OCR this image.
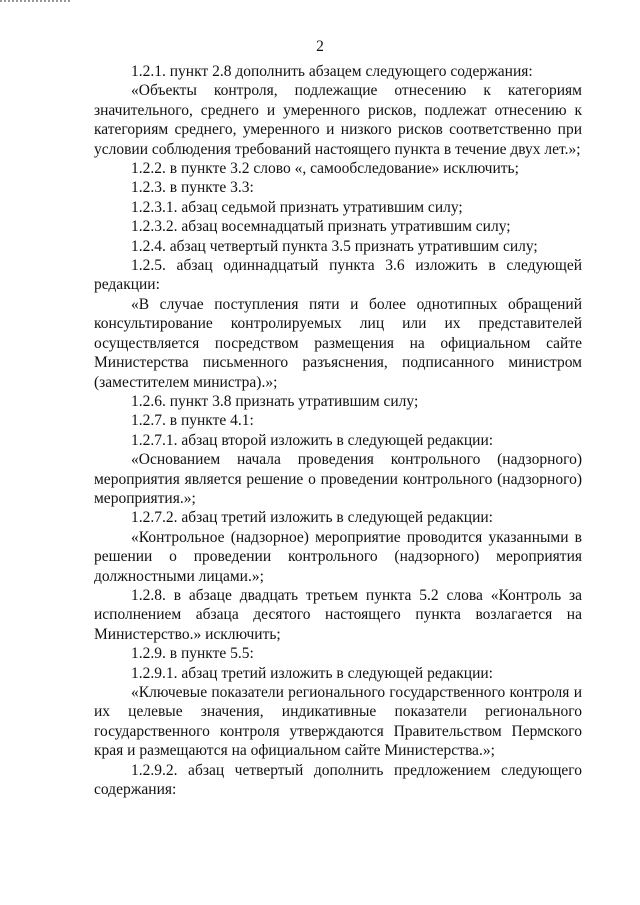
2

1.2.1. пункт 2.8 дополнить абзацем следующего содержания:

«Объекты контроля, подлежащие отнесению к категориям значительного, среднего и умеренного рисков, подлежат отнесению к категориям среднего, умеренного и низкого рисков соответственно при условии соблюдения требований настоящего пункта в течение двух лет.»;

1.2.2. в пункте 3.2 слово «, самообследование» исключить;

1.2.3. в пункте 3.3:

1.2.3.1. абзац седьмой признать утратившим силу;

1.2.3.2. абзац восемнадцатый признать утратившим силу;

1.2.4. абзац четвертый пункта 3.5 признать утратившим силу;

1.2.5. абзац одиннадцатый пункта 3.6 изложить в следующей редакции:

«В случае поступления пяти и более однотипных обращений консультирование контролируемых лиц или их представителей осуществляется посредством размещения на официальном сайте Министерства письменного разъяснения, подписанного министром (заместителем министра).»;

1.2.6. пункт 3.8 признать утратившим силу;

1.2.7. в пункте 4.1:

1.2.7.1. абзац второй изложить в следующей редакции:

«Основанием начала проведения контрольного (надзорного) мероприятия является решение о проведении контрольного (надзорного) мероприятия.»;

1.2.7.2. абзац третий изложить в следующей редакции:

«Контрольное (надзорное) мероприятие проводится указанными в решении о проведении контрольного (надзорного) мероприятия должностными лицами.»;

1.2.8. в абзаце двадцать третьем пункта 5.2 слова «Контроль за исполнением абзаца десятого настоящего пункта возлагается на Министерство.» исключить;

1.2.9. в пункте 5.5:

1.2.9.1. абзац третий изложить в следующей редакции:

«Ключевые показатели регионального государственного контроля и их целевые значения, индикативные показатели регионального государственного контроля утверждаются Правительством Пермского края и размещаются на официальном сайте Министерства.»;

1.2.9.2. абзац четвертый дополнить предложением следующего содержания:
